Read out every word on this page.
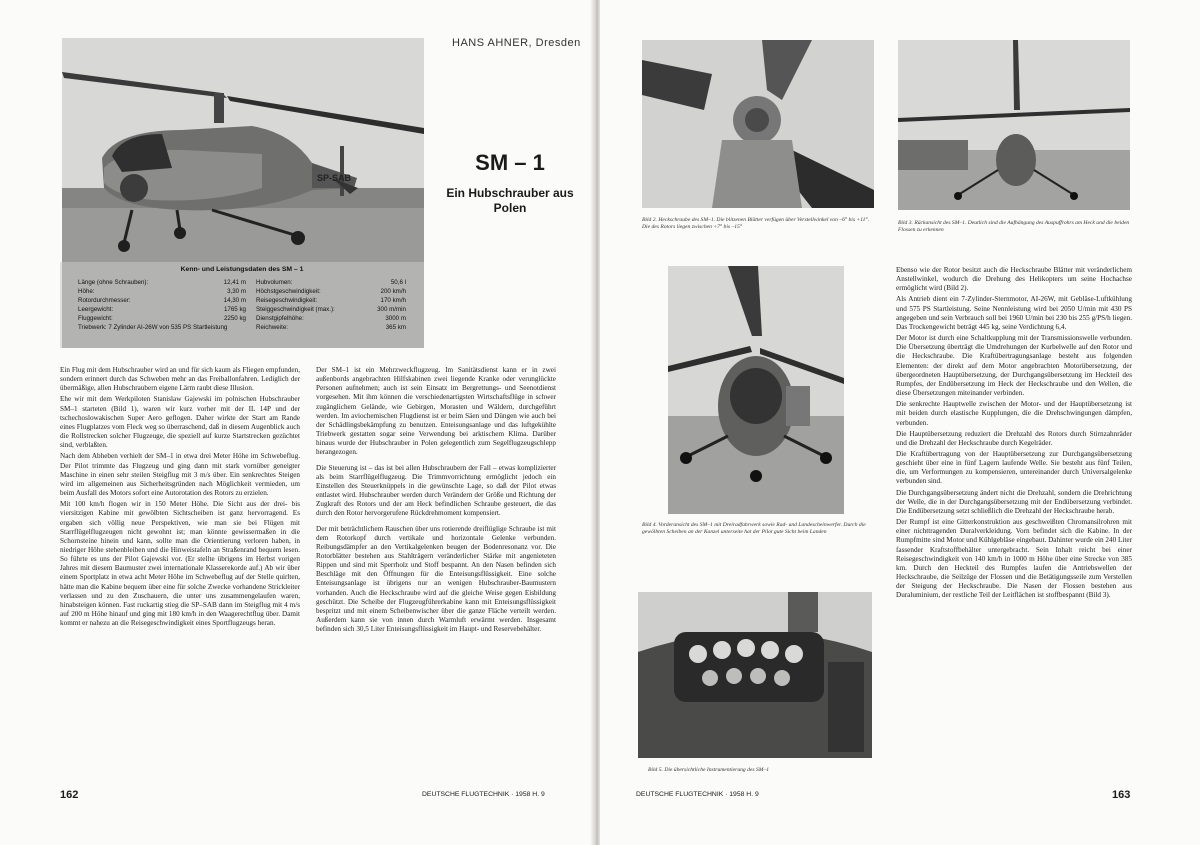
SP-SAB
HANS AHNER, Dresden
SM – 1
Ein Hubschrauber aus Polen
Kenn- und Leistungsdaten des SM – 1
Länge (ohne Schrauben):	12,41 m
Höhe:	3,30 m
Rotordurchmesser:	14,30 m
Leergewicht:	1765 kg
Fluggewicht:	2250 kg
Triebwerk: 7 Zylinder AI-26W von 535 PS Startleistung
Hubvolumen:	50,6 l
Höchstgeschwindigkeit:	200 km/h
Reisegeschwindigkeit:	170 km/h
Steiggeschwindigkeit (max.):	300 m/min
Dienstgipfelhöhe:	3000 m
Reichweite:	365 km

Ein Flug mit dem Hubschrauber wird an und für sich kaum als Fliegen empfunden, sondern erinnert durch das Schweben mehr an das Freiballonfahren. Lediglich der übermäßige, allen Hubschraubern eigene Lärm raubt diese Illusion.

Ehe wir mit dem Werkpiloten Stanislaw Gajewski im polnischen Hubschrauber SM–1 starteten (Bild 1), waren wir kurz vorher mit der IL 14P und der tschechoslowakischen Super Aero geflogen. Daher wirkte der Start am Rande eines Flugplatzes vom Fleck weg so überraschend, daß in diesem Augenblick auch die Rollstrecken solcher Flugzeuge, die speziell auf kurze Startstrecken gezüchtet sind, verblaßten.

Nach dem Abheben verhielt der SM–1 in etwa drei Meter Höhe im Schwebeflug. Der Pilot trimmte das Flugzeug und ging dann mit stark vornüber geneigter Maschine in einen sehr steilen Steigflug mit 3 m/s über. Ein senkrechtes Steigen wird im allgemeinen aus Sicherheitsgründen nach Möglichkeit vermieden, um beim Ausfall des Motors sofort eine Autorotation des Rotors zu erzielen.

Mit 100 km/h flogen wir in 150 Meter Höhe. Die Sicht aus der drei- bis viersitzigen Kabine mit gewölbten Sichtscheiben ist ganz hervorragend. Es ergaben sich völlig neue Perspektiven, wie man sie bei Flügen mit Starrflügelflugzeugen nicht gewohnt ist; man könnte gewissermaßen in die Schornsteine hinein und kann, sollte man die Orientierung verloren haben, in niedriger Höhe stehenbleiben und die Hinweistafeln an Straßenrand bequem lesen. So führte es uns der Pilot Gajewski vor. (Er stellte übrigens im Herbst vorigen Jahres mit diesem Baumuster zwei internationale Klasserekorde auf.) Ab wir über einem Sportplatz in etwa acht Meter Höhe im Schwebeflug auf der Stelle quirlten, hätte man die Kabine bequem über eine für solche Zwecke vorhandene Strickleiter verlassen und zu den Zuschauern, die unter uns zusammengelaufen waren, hinabsteigen können. Fast ruckartig stieg die SP–SAB dann im Steigflug mit 4 m/s auf 200 m Höhe hinauf und ging mit 180 km/h in den Waagerechtflug über. Damit kommt er nahezu an die Reisegeschwindigkeit eines Sportflugzeugs heran.

Der SM–1 ist ein Mehrzweckflugzeug. Im Sanitätsdienst kann er in zwei außenbords angebrachten Hilfskabinen zwei liegende Kranke oder verunglückte Personen aufnehmen; auch ist sein Einsatz im Bergrettungs- und Seenotdienst vorgesehen. Mit ihm können die verschiedenartigsten Wirtschaftsflüge in schwer zugänglichem Gelände, wie Gebirgen, Morasten und Wäldern, durchgeführt werden. Im aviochemischen Flugdienst ist er beim Säen und Düngen wie auch bei der Schädlingsbekämpfung zu benutzen. Enteisungsanlage und das luftgekühlte Triebwerk gestatten sogar seine Verwendung bei arktischem Klima. Darüber hinaus wurde der Hubschrauber in Polen gelegentlich zum Segelflugzeugschlepp herangezogen.

Die Steuerung ist – das ist bei allen Hubschraubern der Fall – etwas komplizierter als beim Starrflügelflugzeug. Die Trimmvorrichtung ermöglicht jedoch ein Einstellen des Steuerknüppels in die gewünschte Lage, so daß der Pilot etwas entlastet wird. Hubschrauber werden durch Verändern der Größe und Richtung der Zugkraft des Rotors und der am Heck befindlichen Schraube gesteuert, die das durch den Rotor hervorgerufene Rückdrehmoment kompensiert.

Der mit beträchtlichem Rauschen über uns rotierende dreiflüglige Schraube ist mit dem Rotorkopf durch vertikale und horizontale Gelenke verbunden. Reibungsdämpfer an den Vertikalgelenken beugen der Bodenresonanz vor. Die Rotorblätter bestehen aus Stahlträgern veränderlicher Stärke mit angenieteten Rippen und sind mit Sperrholz und Stoff bespannt. An den Nasen befinden sich Beschläge mit den Öffnungen für die Enteisungsflüssigkeit. Eine solche Enteisungsanlage ist übrigens nur an wenigen Hubschrauber-Baumustern vorhanden. Auch die Heckschraube wird auf die gleiche Weise gegen Eisbildung geschützt. Die Scheibe der Flugzeugführerkabine kann mit Enteisungsflüssigkeit bespritzt und mit einem Scheibenwischer über die ganze Fläche verteilt werden. Außerdem kann sie von innen durch Warmluft erwärmt werden. Insgesamt befinden sich 30,5 Liter Enteisungsflüssigkeit im Haupt- und Reservebehälter.

162	DEUTSCHE FLUGTECHNIK · 1958 H. 9
Bild 2. Heckschraube des SM–1. Die blitzenen Blätter verfügen über Verstellwinkel von –6° bis +11°. Die des Rotors liegen zwischen +7° bis –15°
Bild 3. Rückansicht des SM–1. Deutlich sind die Aufhängung des Auspuffrohrs am Heck und die beiden Flossen zu erkennen
Bild 4. Vorderansicht des SM–1 mit Dreiradfahrwerk sowie Rad- und Landescheinwerfer. Durch die gewölbten Scheiben an der Kanzel unterseite hat der Pilot gute Sicht beim Landen
Bild 5. Die übersichtliche Instrumentierung des SM–1

Ebenso wie der Rotor besitzt auch die Heckschraube Blätter mit veränderlichem Anstellwinkel, wodurch die Drehung des Helikopters um seine Hochachse ermöglicht wird (Bild 2).

Als Antrieb dient ein 7-Zylinder-Sternmotor, AI-26W, mit Gebläse-Luftkühlung und 575 PS Startleistung. Seine Nennleistung wird bei 2050 U/min mit 430 PS angegeben und sein Verbrauch soll bei 1960 U/min bei 230 bis 255 g/PS/h liegen. Das Trockengewicht beträgt 445 kg, seine Verdichtung 6,4.

Der Motor ist durch eine Schaltkupplung mit der Transmissionswelle verbunden. Die Übersetzung überträgt die Umdrehungen der Kurbelwelle auf den Rotor und die Heckschraube. Die Kraftübertragungsanlage besteht aus folgenden Elementen: der direkt auf dem Motor angebrachten Motorübersetzung, der übergeordneten Hauptübersetzung, der Durchgangsübersetzung im Heckteil des Rumpfes, der Endübersetzung im Heck der Heckschraube und den Wellen, die diese Übersetzungen miteinander verbinden.

Die senkrechte Hauptwelle zwischen der Motor- und der Hauptübersetzung ist mit beiden durch elastische Kupplungen, die die Drehschwingungen dämpfen, verbunden.

Die Hauptübersetzung reduziert die Drehzahl des Rotors durch Stirnzahnräder und die Drehzahl der Heckschraube durch Kegelräder.

Die Kraftübertragung von der Hauptübersetzung zur Durchgangsübersetzung geschieht über eine in fünf Lagern laufende Welle. Sie besteht aus fünf Teilen, die, um Verformungen zu kompensieren, untereinander durch Universalgelenke verbunden sind.

Die Durchgangsübersetzung ändert nicht die Drehzahl, sondern die Drehrichtung der Welle, die in der Durchgangsübersetzung mit der Endübersetzung verbindet. Die Endübersetzung setzt schließlich die Drehzahl der Heckschraube herab.

Der Rumpf ist eine Gitterkonstruktion aus geschweißten Chromansilrohren mit einer nichttragenden Duralverkleidung. Vorn befindet sich die Kabine. In der Rumpfmitte sind Motor und Kühlgebläse eingebaut. Dahinter wurde ein 240 Liter fassender Kraftstoffbehälter untergebracht. Sein Inhalt reicht bei einer Reisegeschwindigkeit von 140 km/h in 1000 m Höhe über eine Strecke von 385 km. Durch den Heckteil des Rumpfes laufen die Antriebswellen der Heckschraube, die Seilzüge der Flossen und die Betätigungsseile zum Verstellen der Steigung der Heckschraube. Die Nasen der Flossen bestehen aus Duraluminium, der restliche Teil der Leitflächen ist stoffbespannt (Bild 3).

DEUTSCHE FLUGTECHNIK · 1958 H. 9	163
